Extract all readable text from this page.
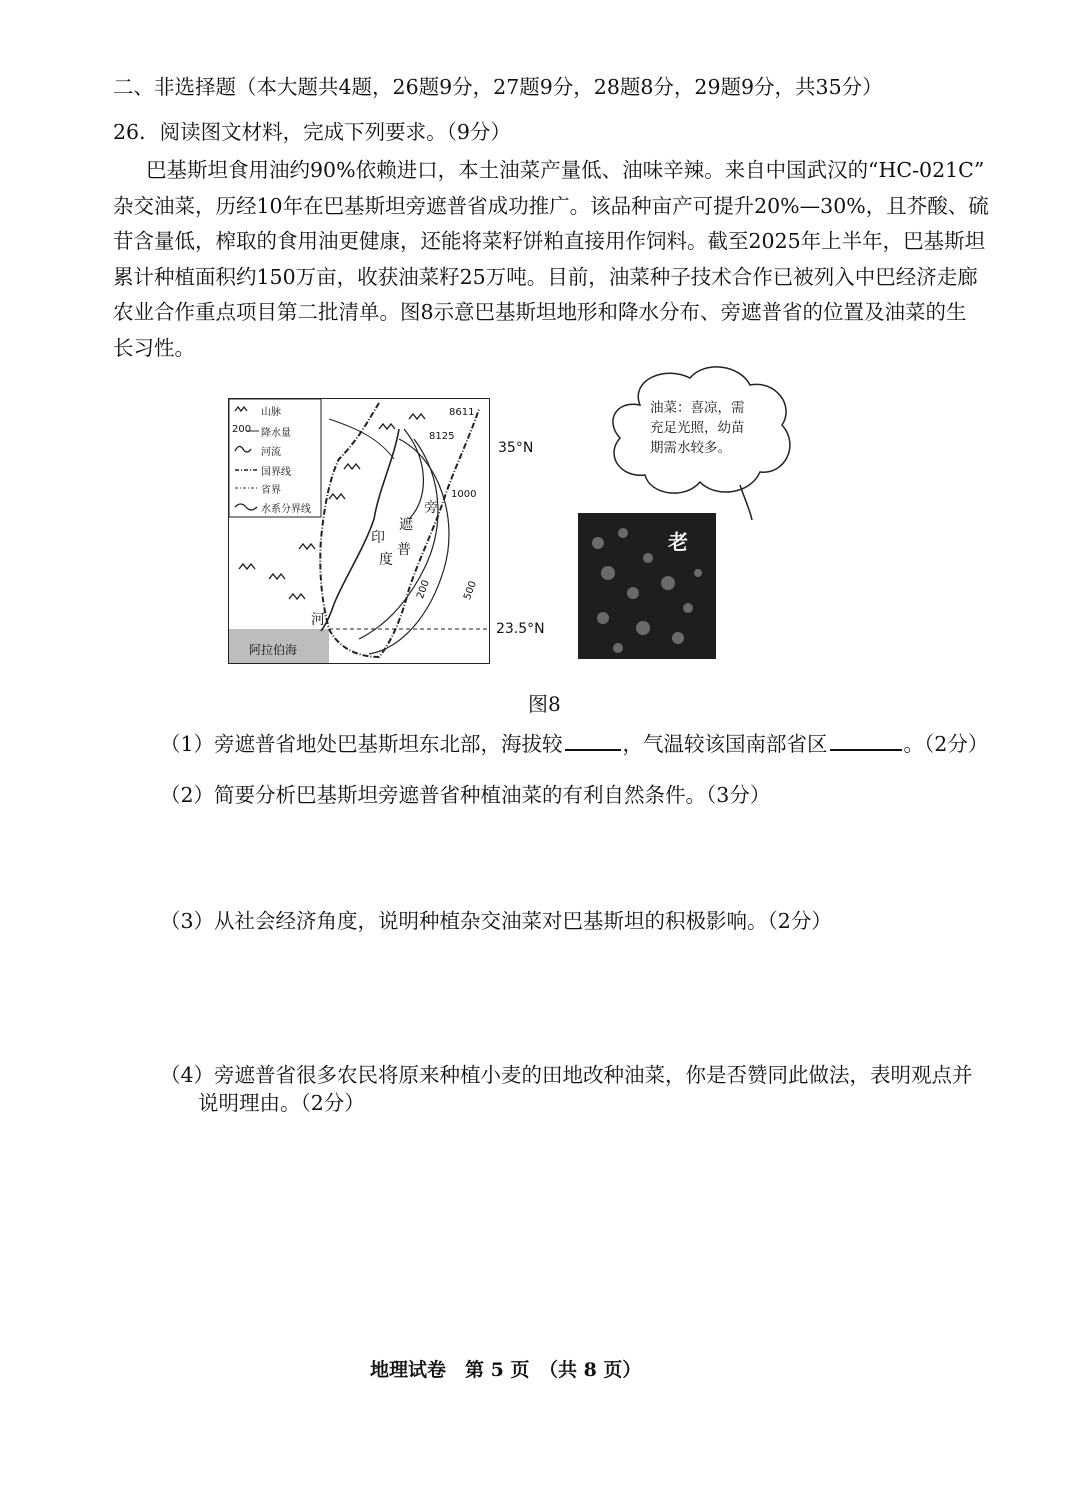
二、非选择题（本大题共4题，26题9分，27题9分，28题8分，29题9分，共35分）
26．阅读图文材料，完成下列要求。（9分）
巴基斯坦食用油约90%依赖进口，本土油菜产量低、油味辛辣。来自中国武汉的“HC-021C”
杂交油菜，历经10年在巴基斯坦旁遮普省成功推广。该品种亩产可提升20%—30%，且芥酸、硫
苷含量低，榨取的食用油更健康，还能将菜籽饼粕直接用作饲料。截至2025年上半年，巴基斯坦
累计种植面积约150万亩，收获油菜籽25万吨。目前，油菜种子技术合作已被列入中巴经济走廊
农业合作重点项目第二批清单。图8示意巴基斯坦地形和降水分布、旁遮普省的位置及油菜的生
长习性。
山脉
200 降水量
河流
国界线
省界
水系分界线
8611
8125
1000
500
200
旁
遮
普
印
度
河
阿拉伯海
35°N
23.5°N
油菜：喜凉，需
充足光照，幼苗
期需水较多。
老
图8
（1）旁遮普省地处巴基斯坦东北部，海拔较	，气温较该国南部省区	。（2分）
（2）简要分析巴基斯坦旁遮普省种植油菜的有利自然条件。（3分）
（3）从社会经济角度，说明种植杂交油菜对巴基斯坦的积极影响。（2分）
（4）旁遮普省很多农民将原来种植小麦的田地改种油菜，你是否赞同此做法，表明观点并
说明理由。（2分）
地理试卷　第 5 页　（共 8 页）
